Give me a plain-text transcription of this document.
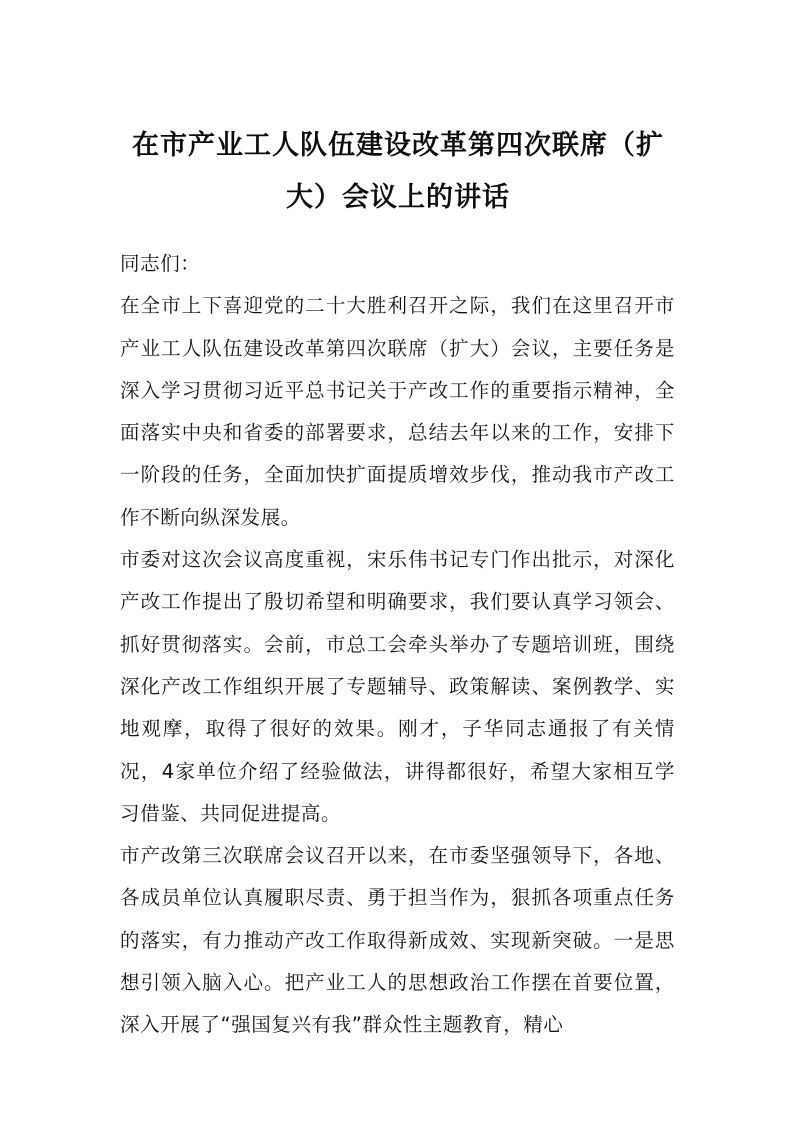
在市产业工人队伍建设改革第四次联席（扩大）会议上的讲话

同志们：

在全市上下喜迎党的二十大胜利召开之际，我们在这里召开市产业工人队伍建设改革第四次联席（扩大）会议，主要任务是深入学习贯彻习近平总书记关于产改工作的重要指示精神，全面落实中央和省委的部署要求，总结去年以来的工作，安排下一阶段的任务，全面加快扩面提质增效步伐，推动我市产改工作不断向纵深发展。

市委对这次会议高度重视，宋乐伟书记专门作出批示，对深化产改工作提出了殷切希望和明确要求，我们要认真学习领会、抓好贯彻落实。会前，市总工会牵头举办了专题培训班，围绕深化产改工作组织开展了专题辅导、政策解读、案例教学、实地观摩，取得了很好的效果。刚才，子华同志通报了有关情况，4家单位介绍了经验做法，讲得都很好，希望大家相互学习借鉴、共同促进提高。

市产改第三次联席会议召开以来，在市委坚强领导下，各地、各成员单位认真履职尽责、勇于担当作为，狠抓各项重点任务的落实，有力推动产改工作取得新成效、实现新突破。一是思想引领入脑入心。把产业工人的思想政治工作摆在首要位置，深入开展了“强国复兴有我”群众性主题教育，精心
